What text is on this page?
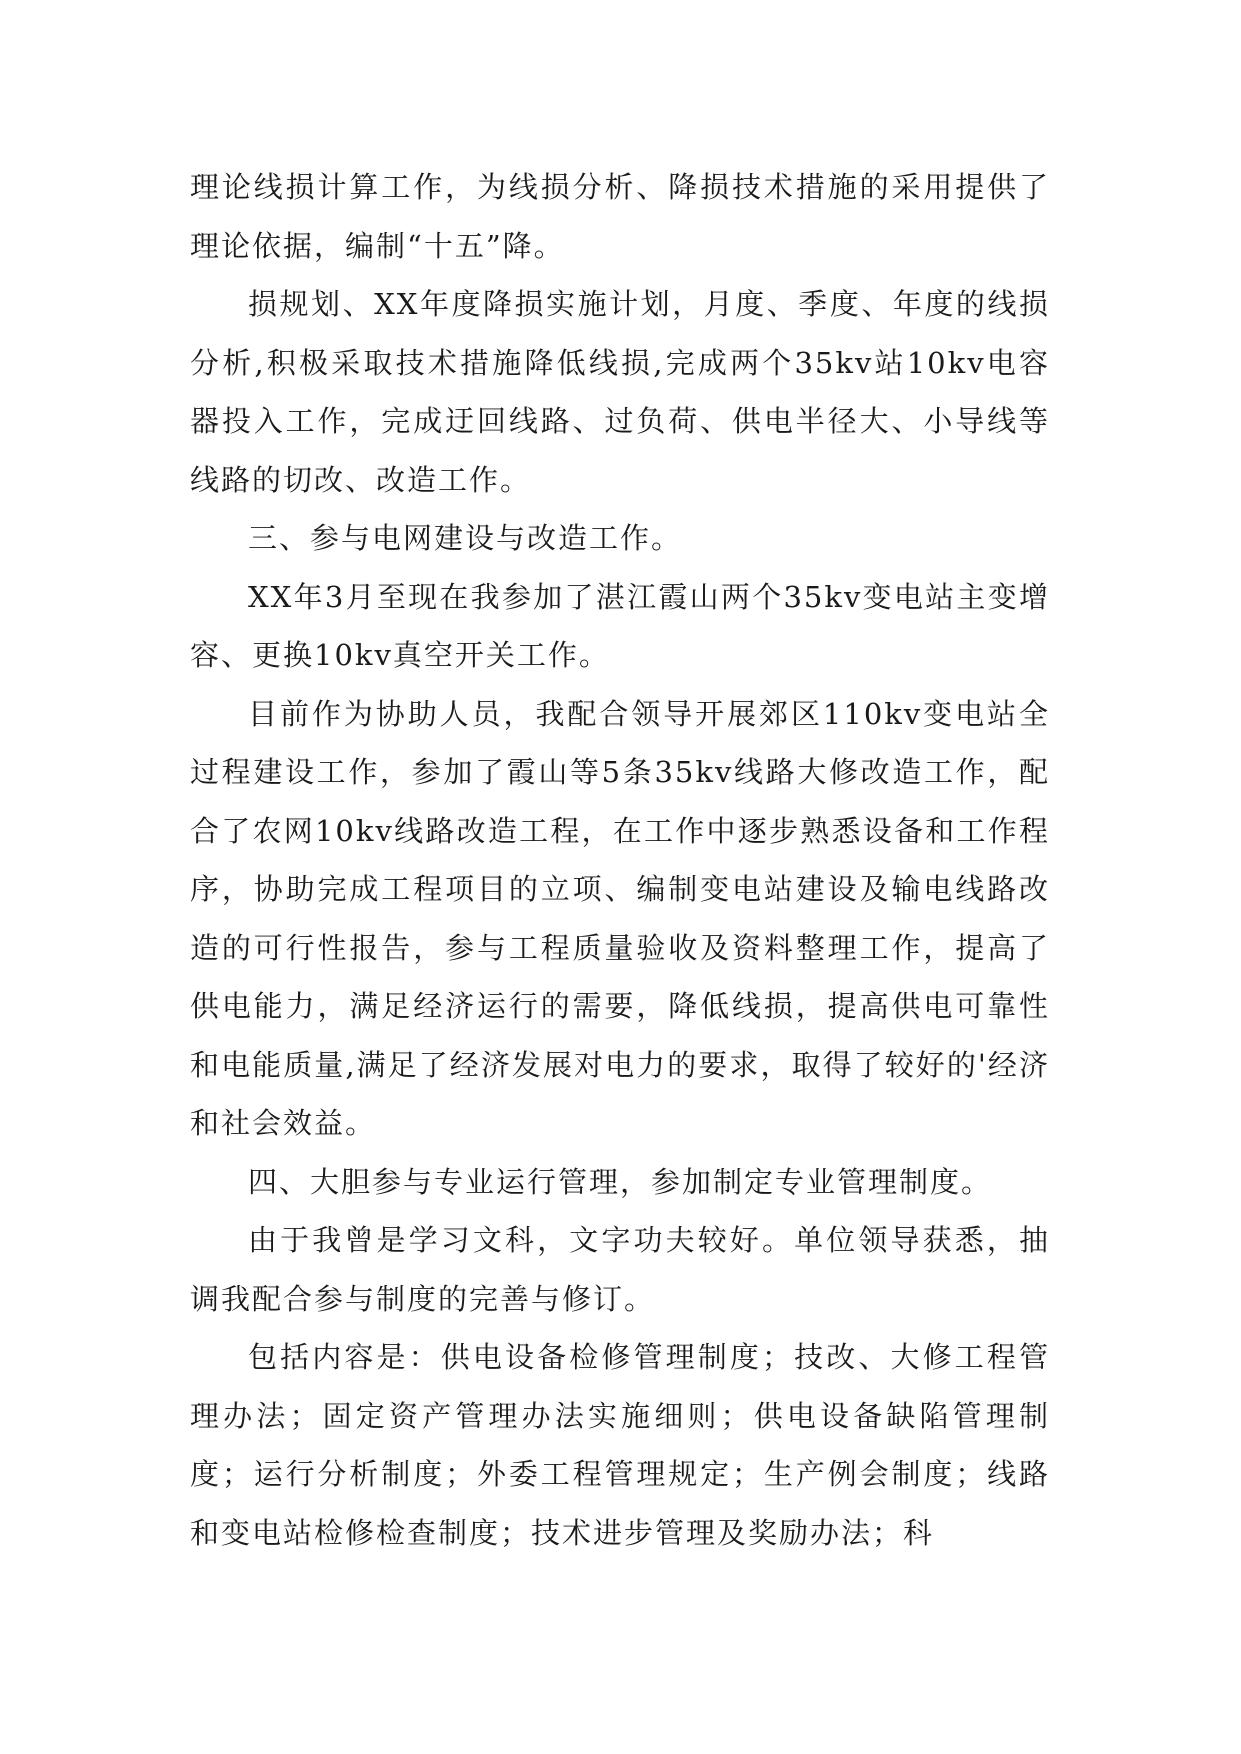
理论线损计算工作，为线损分析、降损技术措施的采用提供了理论依据，编制“十五”降。

损规划、XX年度降损实施计划，月度、季度、年度的线损分析,积极采取技术措施降低线损,完成两个35kv站10kv电容器投入工作，完成迂回线路、过负荷、供电半径大、小导线等线路的切改、改造工作。

三、参与电网建设与改造工作。

XX年3月至现在我参加了湛江霞山两个35kv变电站主变增容、更换10kv真空开关工作。

目前作为协助人员，我配合领导开展郊区110kv变电站全过程建设工作，参加了霞山等5条35kv线路大修改造工作，配合了农网10kv线路改造工程，在工作中逐步熟悉设备和工作程序，协助完成工程项目的立项、编制变电站建设及输电线路改造的可行性报告，参与工程质量验收及资料整理工作，提高了供电能力，满足经济运行的需要，降低线损，提高供电可靠性和电能质量,满足了经济发展对电力的要求，取得了较好的'经济和社会效益。

四、大胆参与专业运行管理，参加制定专业管理制度。

由于我曾是学习文科，文字功夫较好。单位领导获悉，抽调我配合参与制度的完善与修订。

包括内容是：供电设备检修管理制度；技改、大修工程管理办法；固定资产管理办法实施细则；供电设备缺陷管理制度；运行分析制度；外委工程管理规定；生产例会制度；线路和变电站检修检查制度；技术进步管理及奖励办法；科
